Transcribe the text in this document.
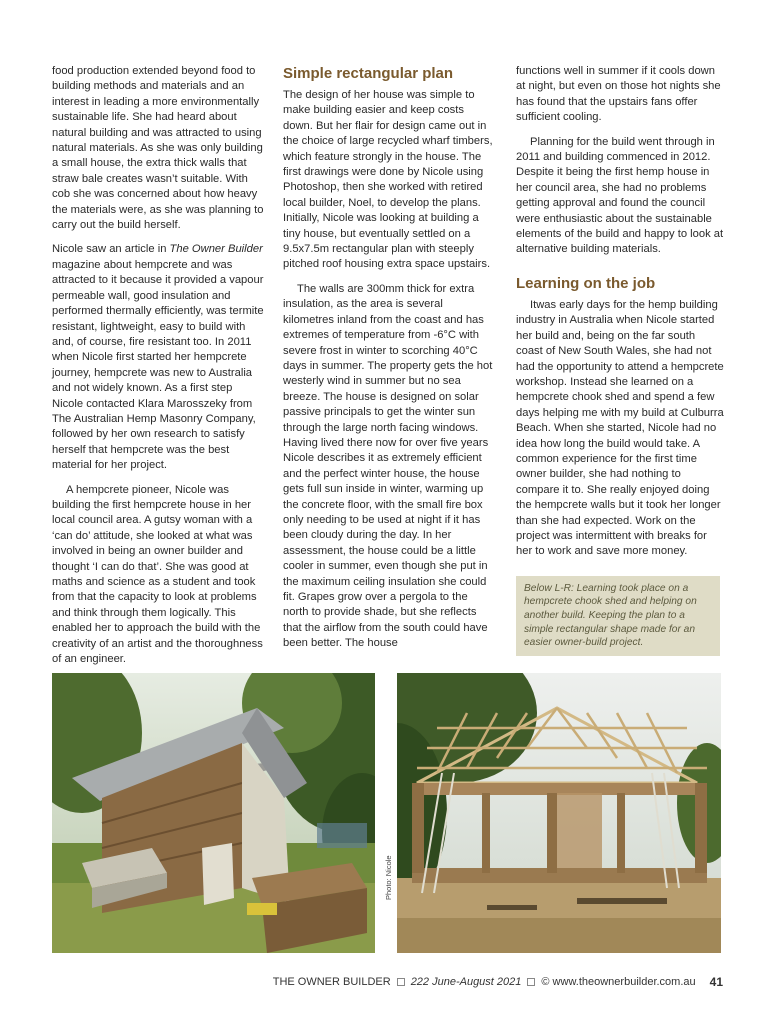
food production extended beyond food to building methods and materials and an interest in leading a more environmentally sustainable life. She had heard about natural building and was attracted to using natural materials. As she was only building a small house, the extra thick walls that straw bale creates wasn’t suitable. With cob she was concerned about how heavy the materials were, as she was planning to carry out the build herself.

Nicole saw an article in The Owner Builder magazine about hempcrete and was attracted to it because it provided a vapour permeable wall, good insulation and performed thermally efficiently, was termite resistant, lightweight, easy to build with and, of course, fire resistant too. In 2011 when Nicole first started her hempcrete journey, hempcrete was new to Australia and not widely known. As a first step Nicole contacted Klara Marosszeky from The Australian Hemp Masonry Company, followed by her own research to satisfy herself that hempcrete was the best material for her project.

A hempcrete pioneer, Nicole was building the first hempcrete house in her local council area. A gutsy woman with a ‘can do’ attitude, she looked at what was involved in being an owner builder and thought ‘I can do that’. She was good at maths and science as a student and took from that the capacity to look at problems and think through them logically. This enabled her to approach the build with the creativity of an artist and the thoroughness of an engineer.

Simple rectangular plan

The design of her house was simple to make building easier and keep costs down. But her flair for design came out in the choice of large recycled wharf timbers, which feature strongly in the house. The first drawings were done by Nicole using Photoshop, then she worked with retired local builder, Noel, to develop the plans. Initially, Nicole was looking at building a tiny house, but eventually settled on a 9.5x7.5m rectangular plan with steeply pitched roof housing extra space upstairs.

The walls are 300mm thick for extra insulation, as the area is several kilometres inland from the coast and has extremes of temperature from -6°C with severe frost in winter to scorching 40°C days in summer. The property gets the hot westerly wind in summer but no sea breeze. The house is designed on solar passive principals to get the winter sun through the large north facing windows. Having lived there now for over five years Nicole describes it as extremely efficient and the perfect winter house, the house gets full sun inside in winter, warming up the concrete floor, with the small fire box only needing to be used at night if it has been cloudy during the day. In her assessment, the house could be a little cooler in summer, even though she put in the maximum ceiling insulation she could fit. Grapes grow over a pergola to the north to provide shade, but she reflects that the airflow from the south could have been better. The house

functions well in summer if it cools down at night, but even on those hot nights she has found that the upstairs fans offer sufficient cooling.

Planning for the build went through in 2011 and building commenced in 2012. Despite it being the first hemp house in her council area, she had no problems getting approval and found the council were enthusiastic about the sustainable elements of the build and happy to look at alternative building materials.

Learning on the job

Itwas early days for the hemp building industry in Australia when Nicole started her build and, being on the far south coast of New South Wales, she had not had the opportunity to attend a hempcrete workshop. Instead she learned on a hempcrete chook shed and spend a few days helping me with my build at Culburra Beach. When she started, Nicole had no idea how long the build would take. A common experience for the first time owner builder, she had nothing to compare it to. She really enjoyed doing the hempcrete walls but it took her longer than she had expected. Work on the project was intermittent with breaks for her to work and save more money.

Below L-R: Learning took place on a hempcrete chook shed and helping on another build. Keeping the plan to a simple rectangular shape made for an easier owner-build project.
Photo: Nicole
THE OWNER BUILDER 222 June-August 2021 © www.theownerbuilder.com.au 41
